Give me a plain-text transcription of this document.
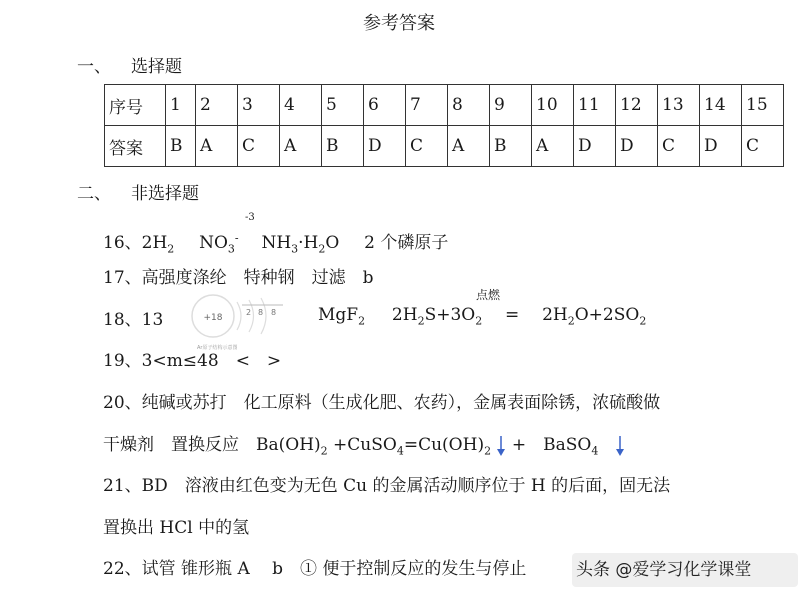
参考答案
一、 选择题
序号	1	2	3	4	5	6	7	8	9	10	11	12	13	14	15
答案	B	A	C	A	B	D	C	A	B	A	D	D	C	D	C
二、 非选择题
-3
16、$2H_2$ $NO_3^-$ $NH_3\cdot H_2O$ 2 个磷原子
17、高强度涤纶　特种钢　过滤　b
18、13	+18
2 8 8
Ar原子结构示意图
MgF$_2$ $2H_2S+3O_2 = 2H_2O+2SO_2$
点燃
19、3<m≤48　<　>
20、纯碱或苏打　化工原料（生成化肥、农药），金属表面除锈，浓硫酸做
干燥剂　置换反应　$Ba(OH)_2$ $+CuSO_4=Cu(OH)_2$ +　BaSO$_4$
21、BD　溶液由红色变为无色 Cu 的金属活动顺序位于 H 的后面，固无法
置换出 HCl 中的氢
22、试管 锥形瓶 A　 b　① 便于控制反应的发生与停止	头条 @爱学习化学课堂
